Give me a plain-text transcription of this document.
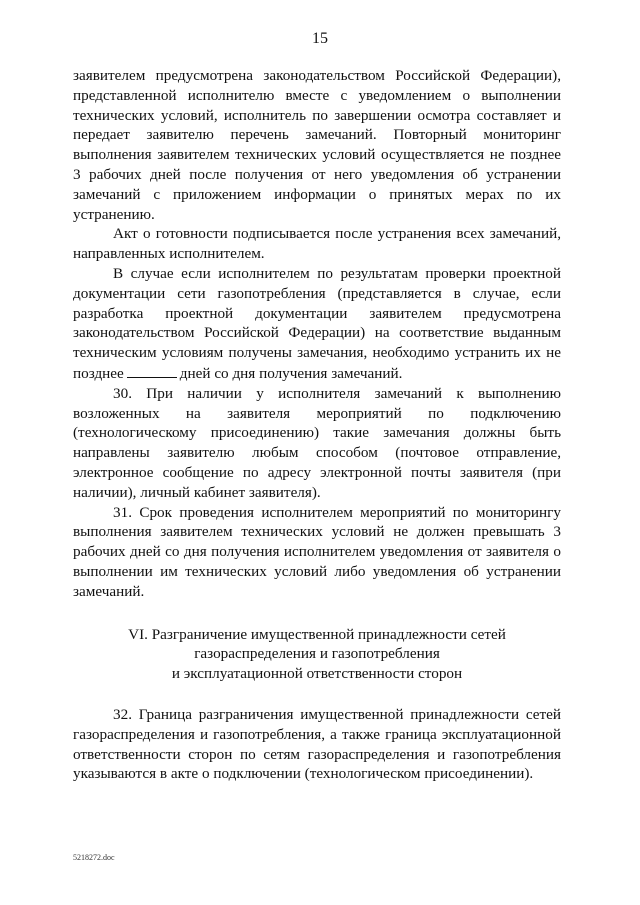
15

заявителем предусмотрена законодательством Российской Федерации), представленной исполнителю вместе с уведомлением о выполнении технических условий, исполнитель по завершении осмотра составляет и передает заявителю перечень замечаний. Повторный мониторинг выполнения заявителем технических условий осуществляется не позднее 3 рабочих дней после получения от него уведомления об устранении замечаний с приложением информации о принятых мерах по их устранению.

Акт о готовности подписывается после устранения всех замечаний, направленных исполнителем.

В случае если исполнителем по результатам проверки проектной документации сети газопотребления (представляется в случае, если разработка проектной документации заявителем предусмотрена законодательством Российской Федерации) на соответствие выданным техническим условиям получены замечания, необходимо устранить их не позднее	дней со дня получения замечаний.

30. При наличии у исполнителя замечаний к выполнению возложенных на заявителя мероприятий по подключению (технологическому присоединению) такие замечания должны быть направлены заявителю любым способом (почтовое отправление, электронное сообщение по адресу электронной почты заявителя (при наличии), личный кабинет заявителя).

31. Срок проведения исполнителем мероприятий по мониторингу выполнения заявителем технических условий не должен превышать 3 рабочих дней со дня получения исполнителем уведомления от заявителя о выполнении им технических условий либо уведомления об устранении замечаний.

VI. Разграничение имущественной принадлежности сетей
газораспределения и газопотребления
и эксплуатационной ответственности сторон

32. Граница разграничения имущественной принадлежности сетей газораспределения и газопотребления, а также граница эксплуатационной ответственности сторон по сетям газораспределения и газопотребления указываются в акте о подключении (технологическом присоединении).

5218272.doc
